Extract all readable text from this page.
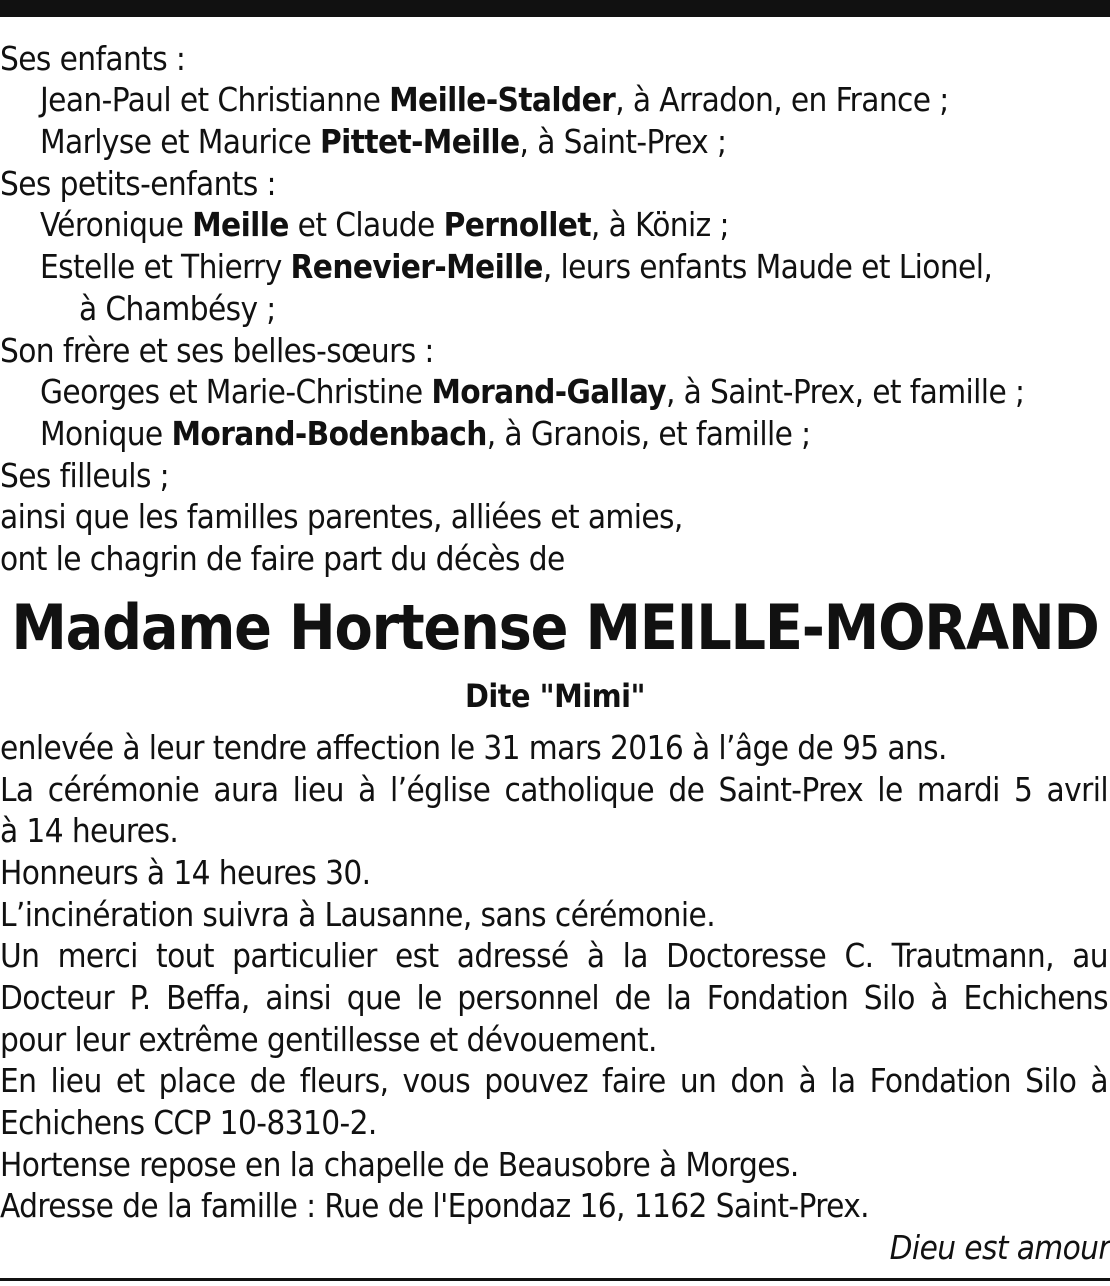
Ses enfants :
Jean-Paul et Christianne Meille-Stalder, à Arradon, en France ;
Marlyse et Maurice Pittet-Meille, à Saint-Prex ;
Ses petits-enfants :
Véronique Meille et Claude Pernollet, à Köniz ;
Estelle et Thierry Renevier-Meille, leurs enfants Maude et Lionel,
à Chambésy ;
Son frère et ses belles-sœurs :
Georges et Marie-Christine Morand-Gallay, à Saint-Prex, et famille ;
Monique Morand-Bodenbach, à Granois, et famille ;
Ses filleuls ;
ainsi que les familles parentes, alliées et amies,
ont le chagrin de faire part du décès de
Madame Hortense MEILLE-MORAND
Dite "Mimi"
enlevée à leur tendre affection le 31 mars 2016 à l’âge de 95 ans.
La cérémonie aura lieu à l’église catholique de Saint-Prex le mardi 5 avril
à 14 heures.
Honneurs à 14 heures 30.
L’incinération suivra à Lausanne, sans cérémonie.
Un merci tout particulier est adressé à la Doctoresse C. Trautmann, au
Docteur P. Beffa, ainsi que le personnel de la Fondation Silo à Echichens
pour leur extrême gentillesse et dévouement.
En lieu et place de fleurs, vous pouvez faire un don à la Fondation Silo à
Echichens CCP 10-8310-2.
Hortense repose en la chapelle de Beausobre à Morges.
Adresse de la famille : Rue de l'Epondaz 16, 1162 Saint-Prex.
Dieu est amour
